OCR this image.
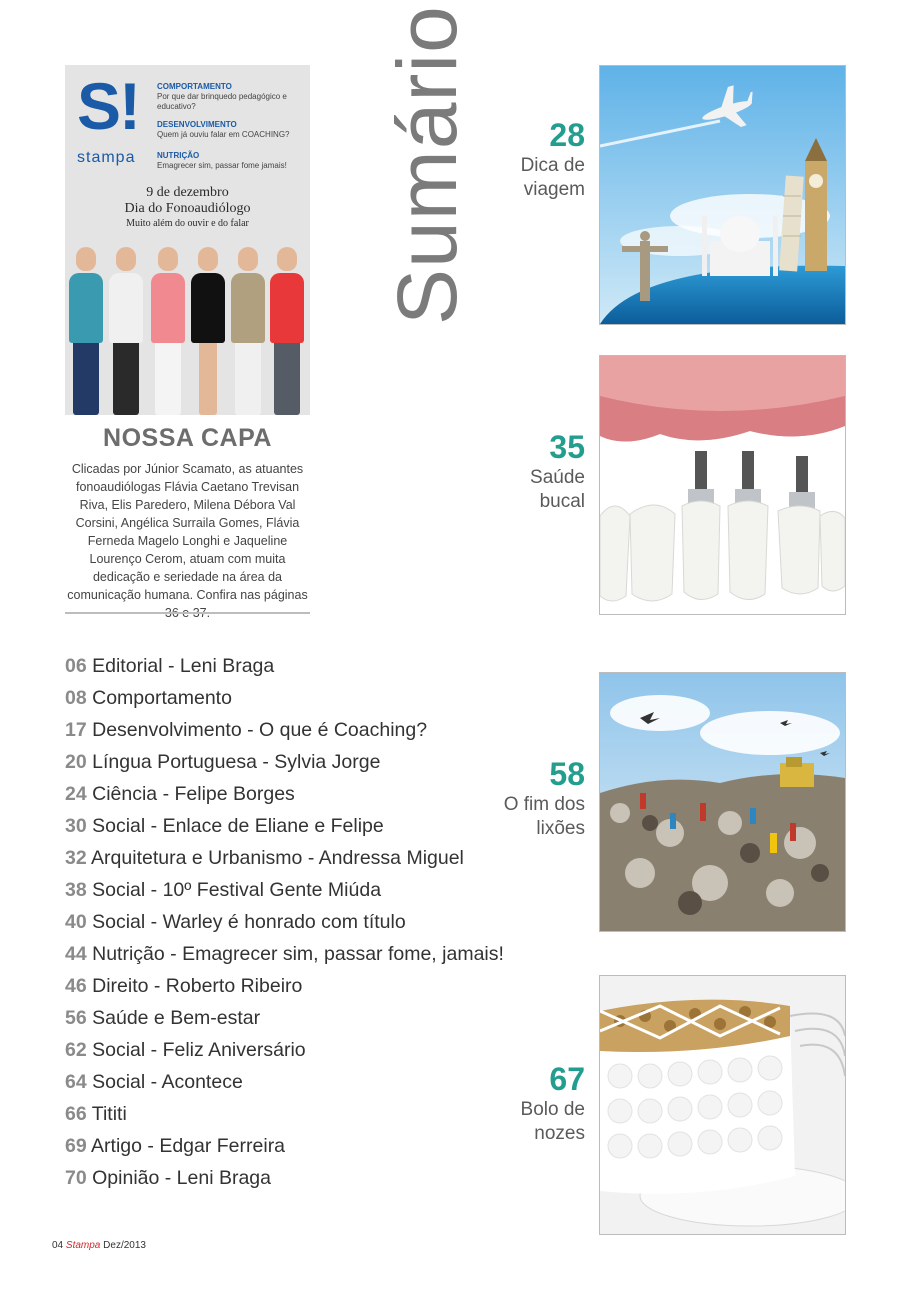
S!
stampa
COMPORTAMENTO
Por que dar brinquedo pedagógico e educativo?
DESENVOLVIMENTO
Quem já ouviu falar em COACHING?
NUTRIÇÃO
Emagrecer sim, passar fome jamais!
9 de dezembro
Dia do Fonoaudiólogo
Muito além do ouvir e do falar
NOSSA CAPA
Clicadas por Júnior Scamato, as atuantes fonoaudiólogas Flávia Caetano Trevisan Riva, Elis Paredero, Milena Débora Val Corsini, Angélica Surraila Gomes, Flávia Ferneda Magelo Longhi e Jaqueline Lourenço Cerom, atuam com muita dedicação e seriedade na área da comunicação humana. Confira nas páginas
Sumário	28
Dica de
viagem
35
Saúde
bucal
58
O fim dos
lixões
67
Bolo de
nozes
06 Editorial - Leni Braga
08 Comportamento
17 Desenvolvimento - O que é Coaching?
20 Língua Portuguesa - Sylvia Jorge
24 Ciência - Felipe Borges
30 Social - Enlace de Eliane e Felipe
32 Arquitetura e Urbanismo - Andressa Miguel
38 Social - 10º Festival Gente Miúda
40 Social - Warley é honrado com título
44 Nutrição - Emagrecer sim, passar fome, jamais!
46 Direito - Roberto Ribeiro
56 Saúde e Bem-estar
62 Social - Feliz Aniversário
64 Social - Acontece
66 Tititi
69 Artigo - Edgar Ferreira
70 Opinião - Leni Braga
04 Stampa Dez/2013
